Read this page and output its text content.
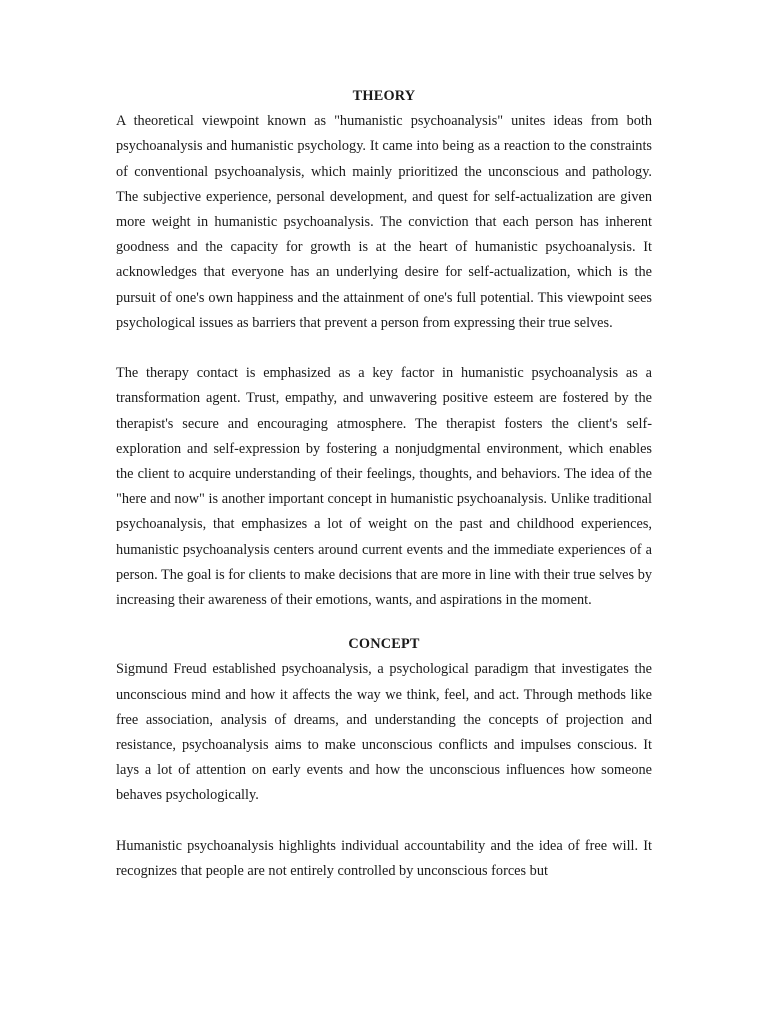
THEORY

A theoretical viewpoint known as "humanistic psychoanalysis" unites ideas from both psychoanalysis and humanistic psychology. It came into being as a reaction to the constraints of conventional psychoanalysis, which mainly prioritized the unconscious and pathology. The subjective experience, personal development, and quest for self-actualization are given more weight in humanistic psychoanalysis. The conviction that each person has inherent goodness and the capacity for growth is at the heart of humanistic psychoanalysis. It acknowledges that everyone has an underlying desire for self-actualization, which is the pursuit of one's own happiness and the attainment of one's full potential. This viewpoint sees psychological issues as barriers that prevent a person from expressing their true selves.

The therapy contact is emphasized as a key factor in humanistic psychoanalysis as a transformation agent. Trust, empathy, and unwavering positive esteem are fostered by the therapist's secure and encouraging atmosphere. The therapist fosters the client's self-exploration and self-expression by fostering a nonjudgmental environment, which enables the client to acquire understanding of their feelings, thoughts, and behaviors. The idea of the "here and now" is another important concept in humanistic psychoanalysis. Unlike traditional psychoanalysis, that emphasizes a lot of weight on the past and childhood experiences, humanistic psychoanalysis centers around current events and the immediate experiences of a person. The goal is for clients to make decisions that are more in line with their true selves by increasing their awareness of their emotions, wants, and aspirations in the moment.

CONCEPT

Sigmund Freud established psychoanalysis, a psychological paradigm that investigates the unconscious mind and how it affects the way we think, feel, and act. Through methods like free association, analysis of dreams, and understanding the concepts of projection and resistance, psychoanalysis aims to make unconscious conflicts and impulses conscious. It lays a lot of attention on early events and how the unconscious influences how someone behaves psychologically.

Humanistic psychoanalysis highlights individual accountability and the idea of free will. It recognizes that people are not entirely controlled by unconscious forces but
